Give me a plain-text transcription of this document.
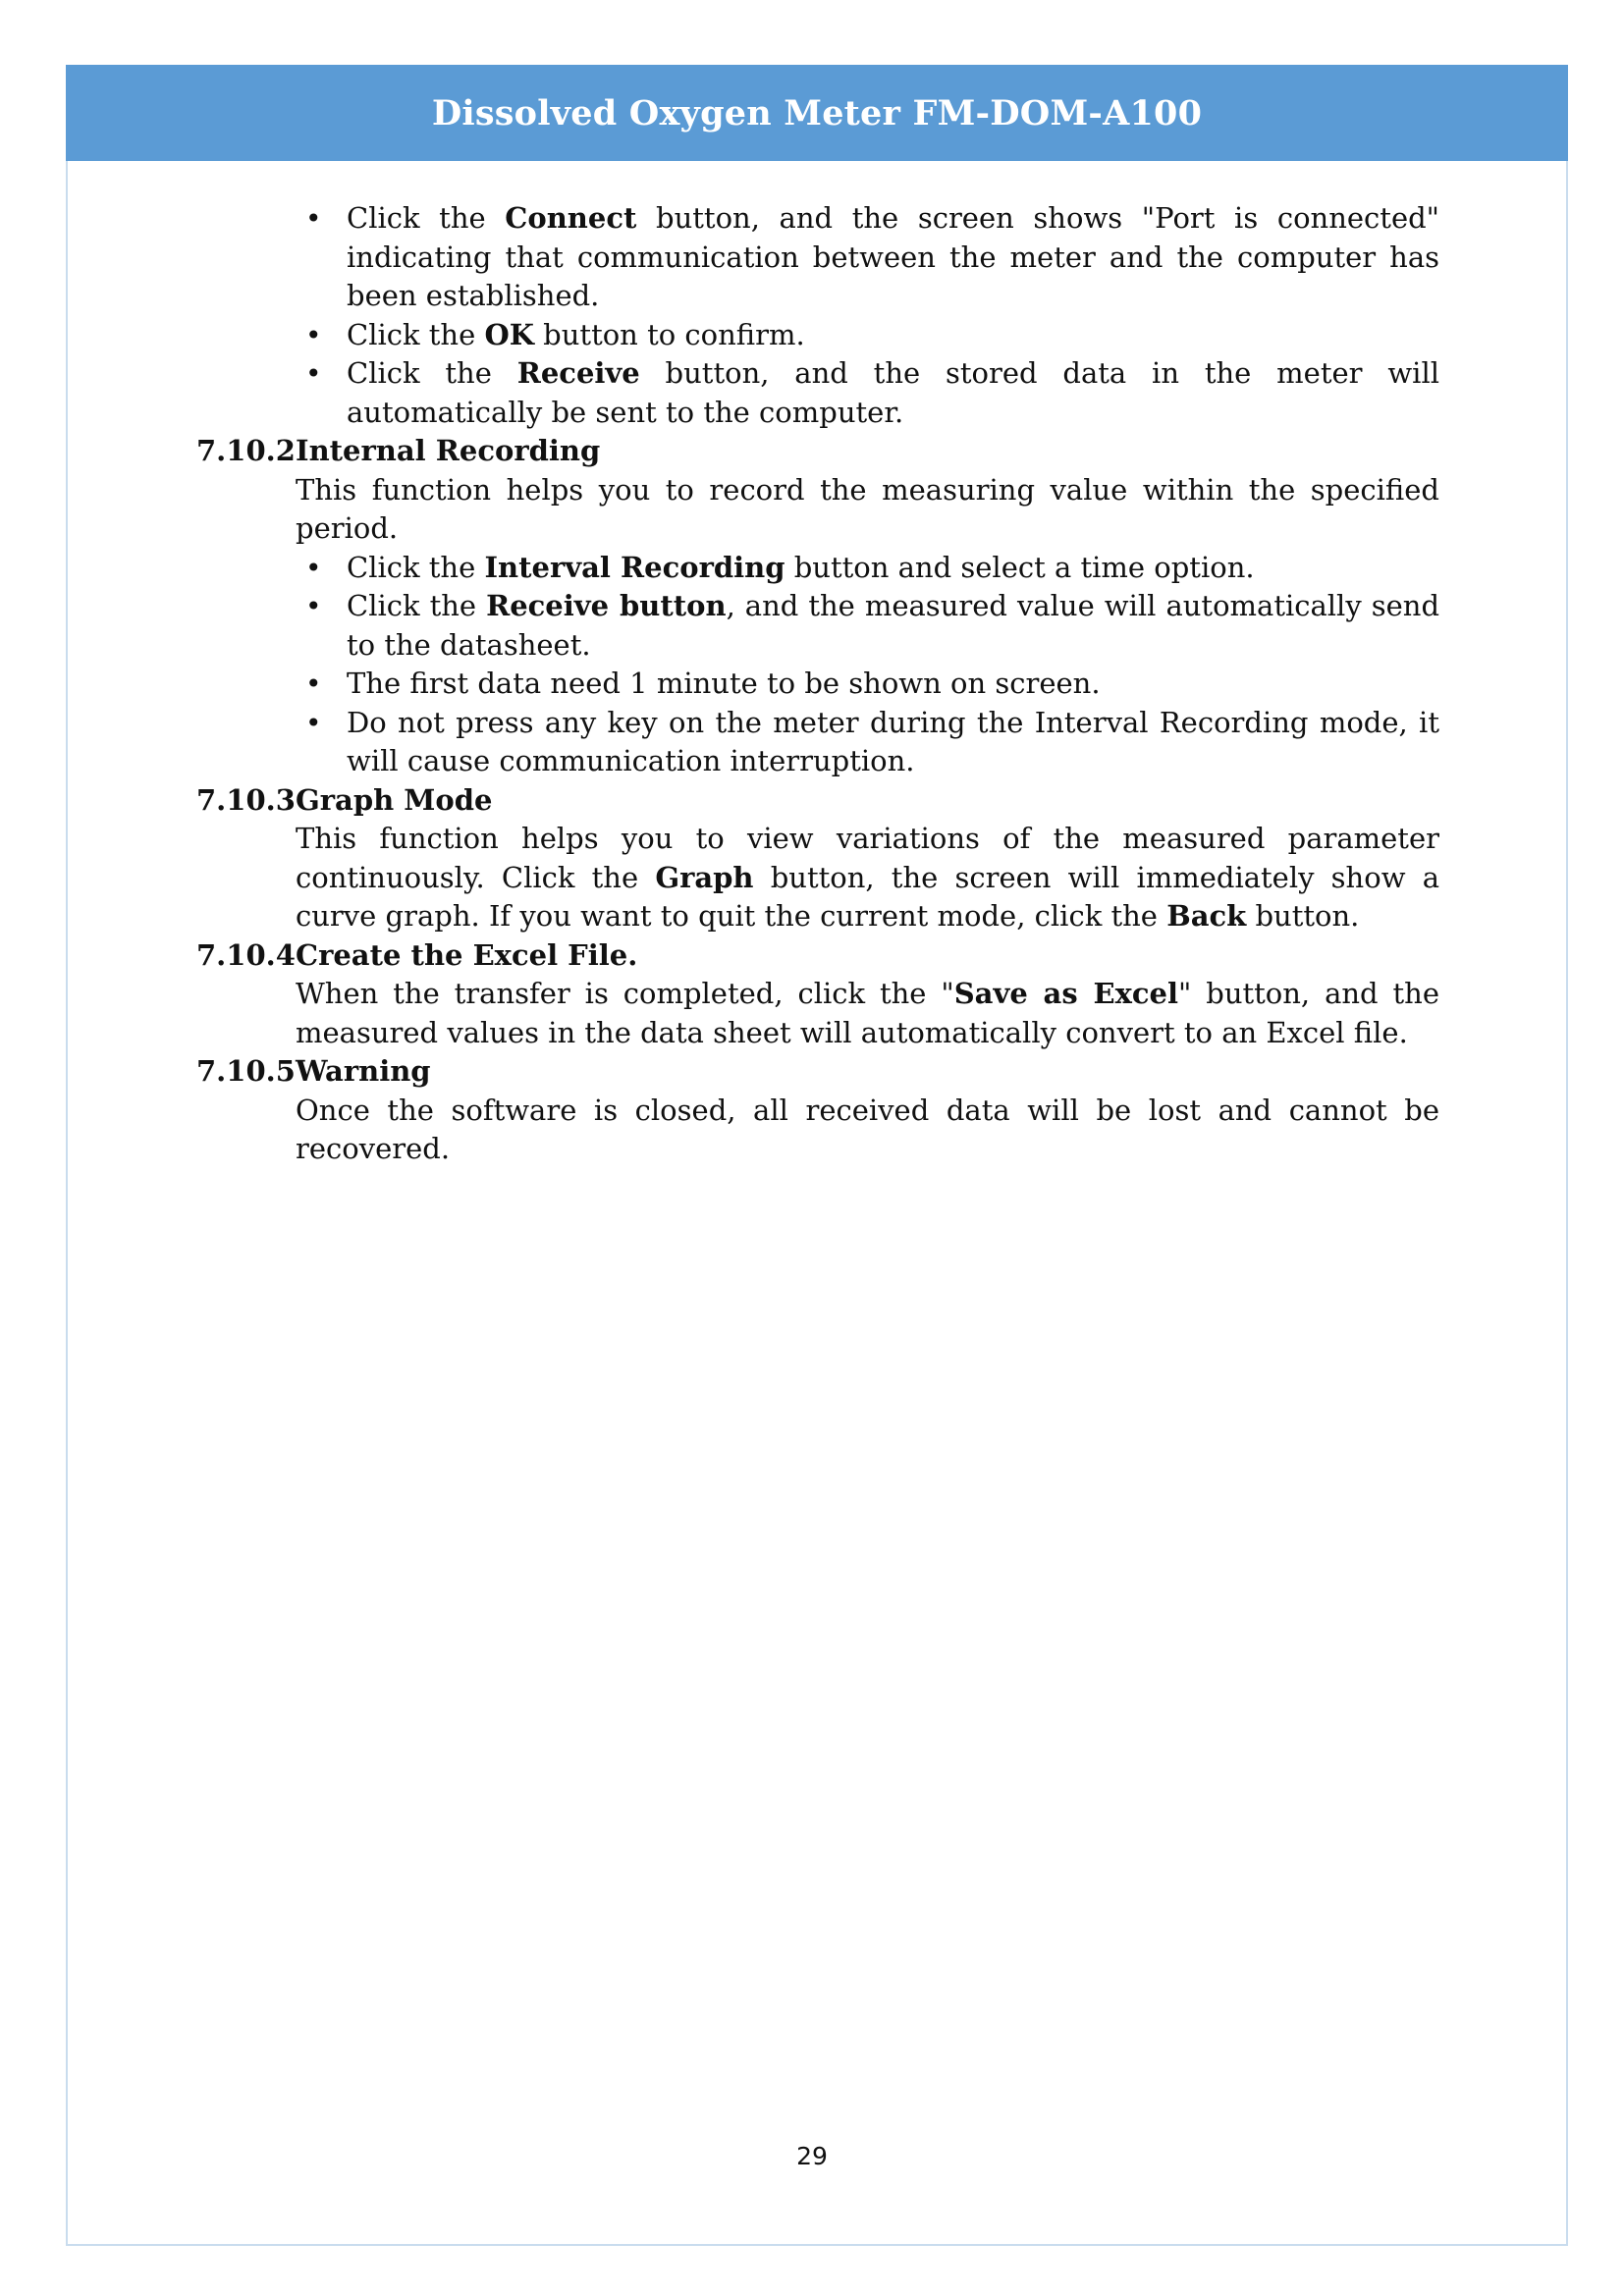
Dissolved Oxygen Meter FM-DOM-A100
• Click the Connect button, and the screen shows "Port is connected" indicating that communication between the meter and the computer has been established.
• Click the OK button to confirm.
• Click the Receive button, and the stored data in the meter will automatically be sent to the computer.
7.10.2 Internal Recording

This function helps you to record the measuring value within the specified period.

• Click the Interval Recording button and select a time option.
• Click the Receive button, and the measured value will automatically send to the datasheet.
• The first data need 1 minute to be shown on screen.
• Do not press any key on the meter during the Interval Recording mode, it will cause communication interruption.
7.10.3 Graph Mode

This function helps you to view variations of the measured parameter continuously. Click the Graph button, the screen will immediately show a curve graph. If you want to quit the current mode, click the Back button.

7.10.4 Create the Excel File.

When the transfer is completed, click the "Save as Excel" button, and the measured values in the data sheet will automatically convert to an Excel file.

7.10.5 Warning

Once the software is closed, all received data will be lost and cannot be recovered.

29
